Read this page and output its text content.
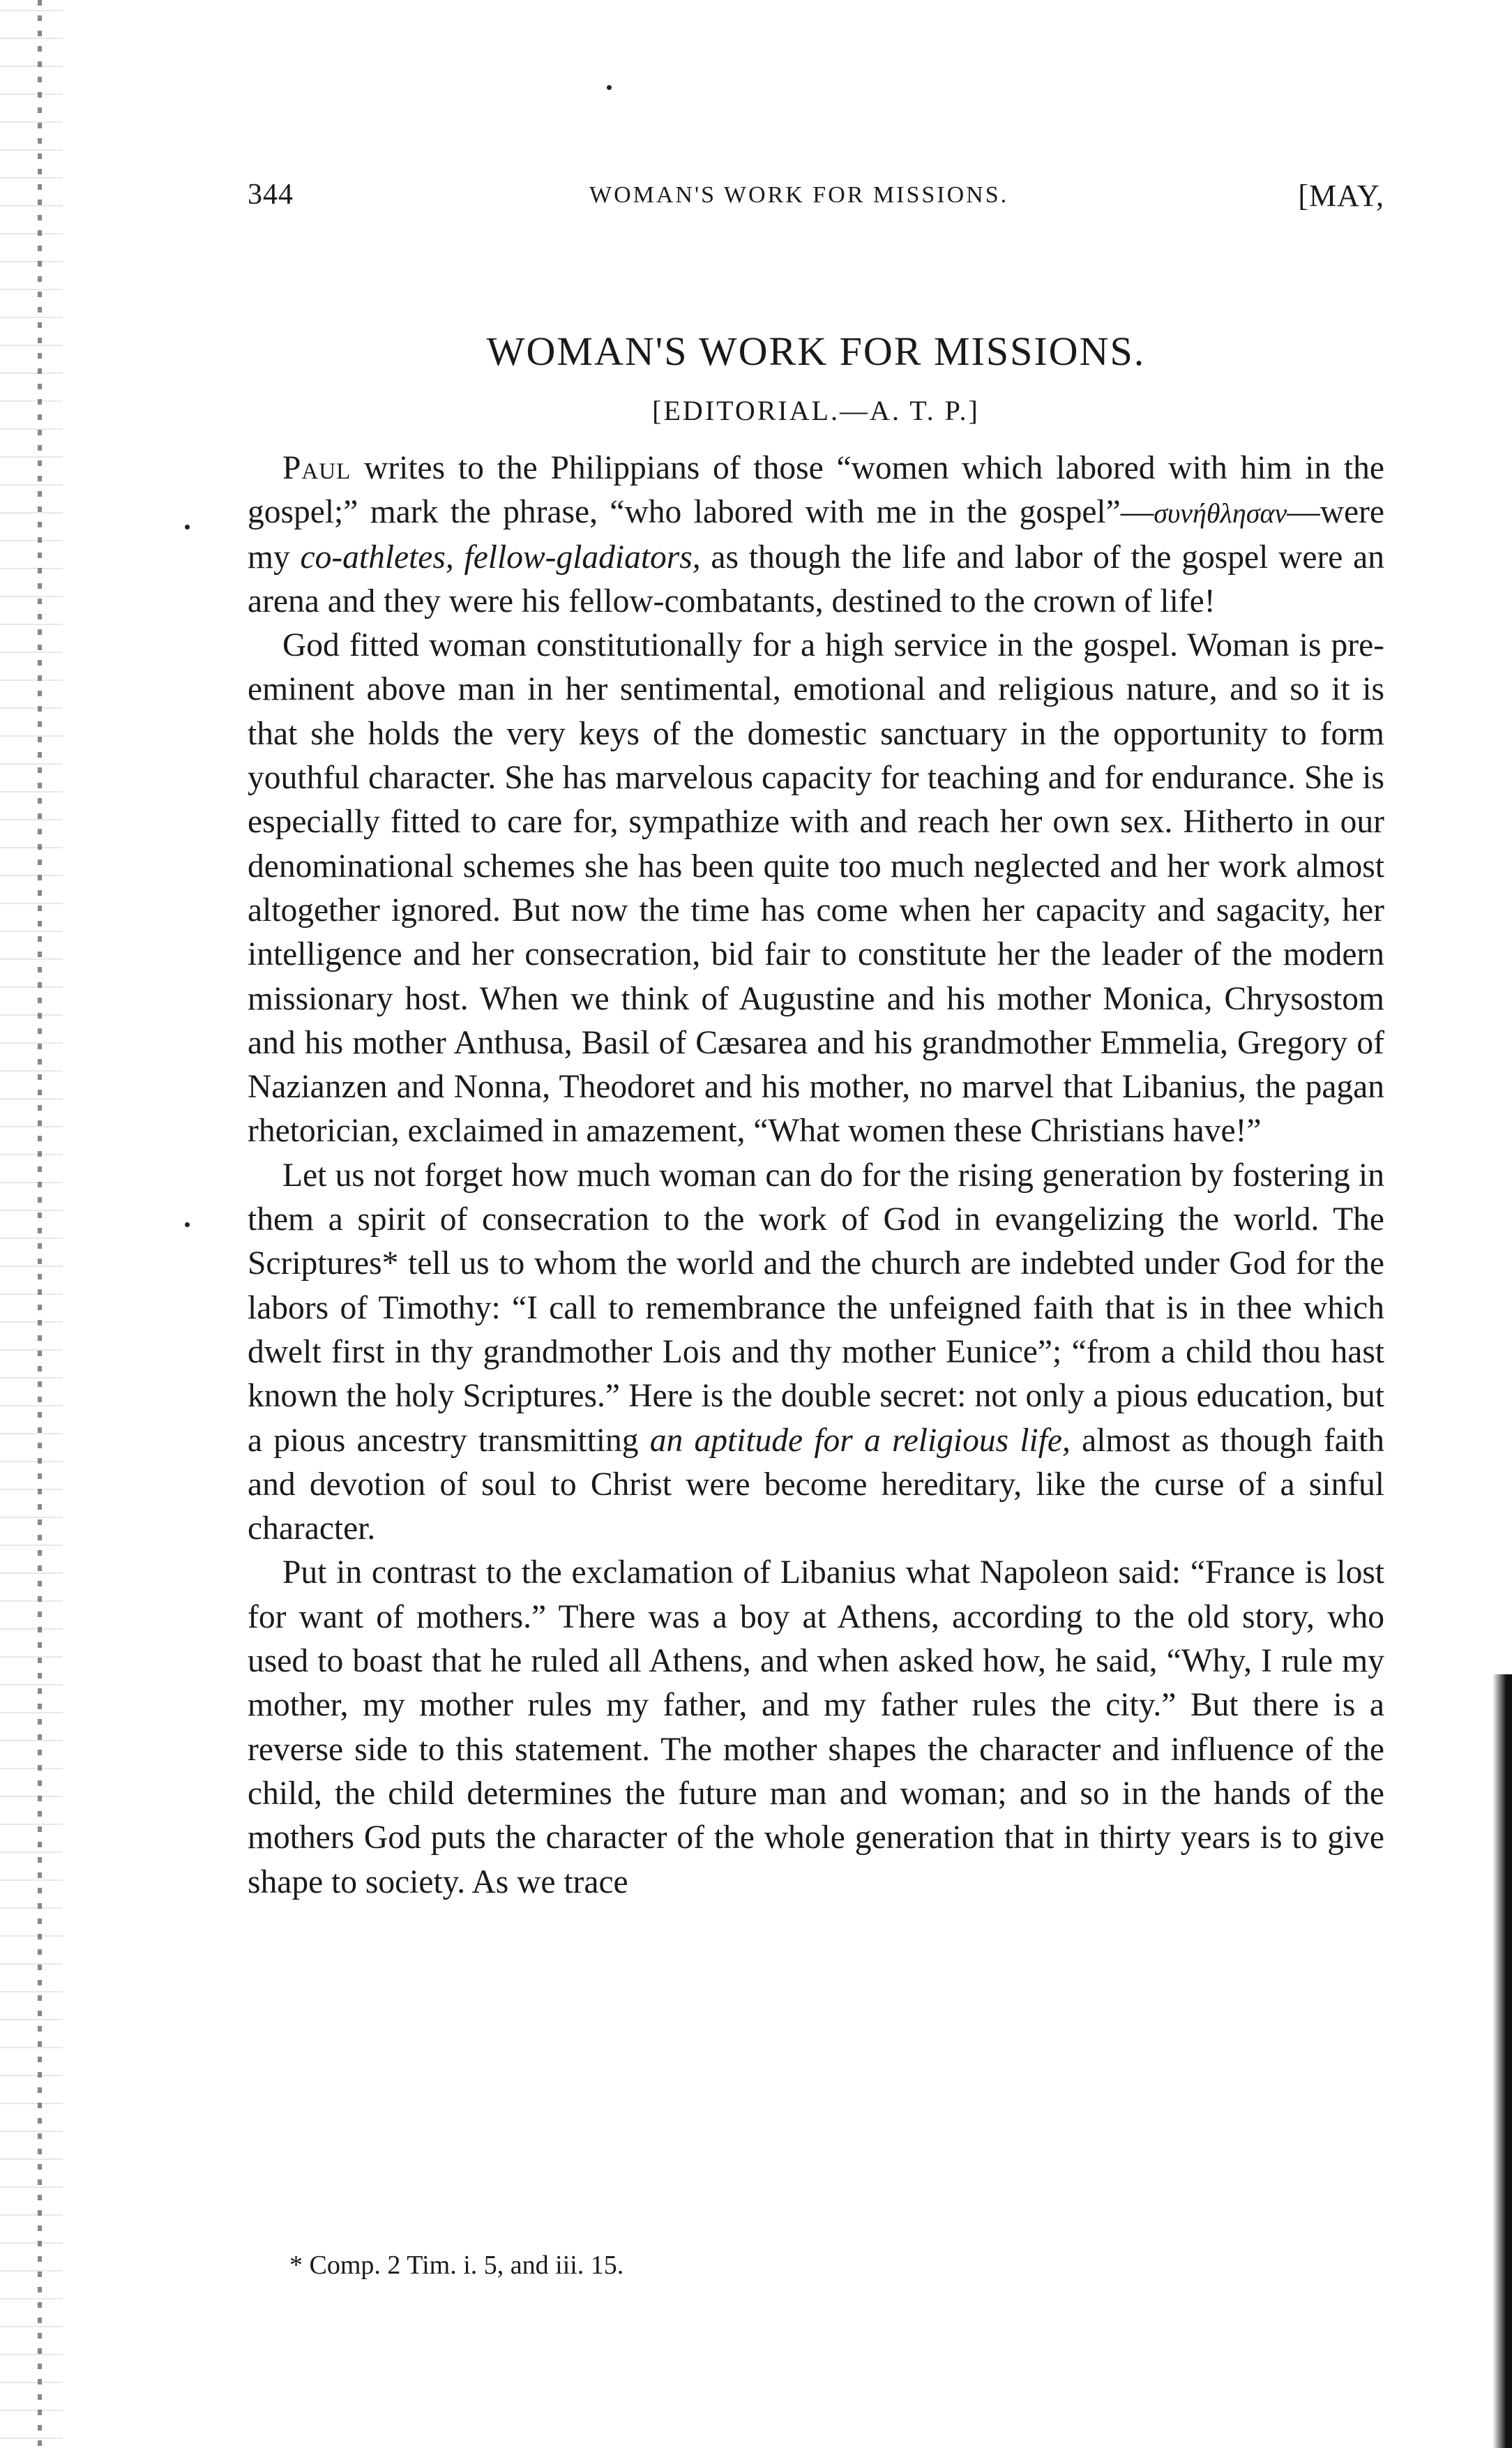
344	WOMAN'S WORK FOR MISSIONS.	[MAY,
WOMAN'S WORK FOR MISSIONS.
[EDITORIAL.—A. T. P.]

Paul writes to the Philippians of those “women which labored with him in the gospel;” mark the phrase, “who labored with me in the gospel”—συνήθλησαν—were my co-athletes, fellow-gladiators, as though the life and labor of the gospel were an arena and they were his fellow-combatants, destined to the crown of life!

God fitted woman constitutionally for a high service in the gospel. Woman is pre-eminent above man in her sentimental, emotional and religious nature, and so it is that she holds the very keys of the domestic sanctuary in the opportunity to form youthful character. She has marvelous capacity for teaching and for endurance. She is especially fitted to care for, sympathize with and reach her own sex. Hitherto in our denominational schemes she has been quite too much neglected and her work almost altogether ignored. But now the time has come when her capacity and sagacity, her intelligence and her consecration, bid fair to constitute her the leader of the modern missionary host. When we think of Augustine and his mother Monica, Chrysostom and his mother Anthusa, Basil of Cæsarea and his grandmother Emmelia, Gregory of Nazianzen and Nonna, Theodoret and his mother, no marvel that Libanius, the pagan rhetorician, exclaimed in amazement, “What women these Christians have!”

Let us not forget how much woman can do for the rising generation by fostering in them a spirit of consecration to the work of God in evangelizing the world. The Scriptures* tell us to whom the world and the church are indebted under God for the labors of Timothy: “I call to remembrance the unfeigned faith that is in thee which dwelt first in thy grandmother Lois and thy mother Eunice”; “from a child thou hast known the holy Scriptures.” Here is the double secret: not only a pious education, but a pious ancestry transmitting an aptitude for a religious life, almost as though faith and devotion of soul to Christ were become hereditary, like the curse of a sinful character.

Put in contrast to the exclamation of Libanius what Napoleon said: “France is lost for want of mothers.” There was a boy at Athens, according to the old story, who used to boast that he ruled all Athens, and when asked how, he said, “Why, I rule my mother, my mother rules my father, and my father rules the city.” But there is a reverse side to this statement. The mother shapes the character and influence of the child, the child determines the future man and woman; and so in the hands of the mothers God puts the character of the whole generation that in thirty years is to give shape to society. As we trace

* Comp. 2 Tim. i. 5, and iii. 15.
